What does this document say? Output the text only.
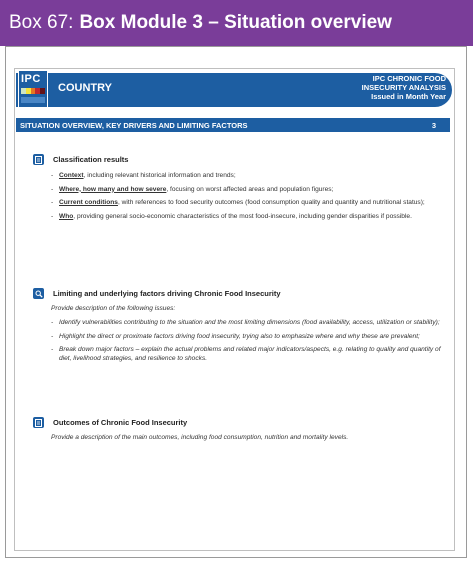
Box 67: Box Module 3 – Situation overview
IPC
COUNTRY
IPC CHRONIC FOOD
INSECURITY ANALYSIS
Issued in Month Year
SITUATION OVERVIEW, KEY DRIVERS AND LIMITING FACTORS	3
Classification results
- Context, including relevant historical information and trends;
- Where, how many and how severe, focusing on worst affected areas and population figures;
- Current conditions, with references to food security outcomes (food consumption quality and quantity and nutritional status);
- Who, providing general socio-economic characteristics of the most food-insecure, including gender disparities if possible.
Limiting and underlying factors driving Chronic Food Insecurity
Provide description of the following issues:
- Identify vulnerabilities contributing to the situation and the most limiting dimensions (food availability, access, utilization or stability);
- Highlight the direct or proximate factors driving food insecurity, trying also to emphasize where and why these are prevalent;
- Break down major factors – explain the actual problems and related major indicators/aspects, e.g. relating to quality and quantity of diet, livelihood strategies, and resilience to shocks.
Outcomes of Chronic Food Insecurity
Provide a description of the main outcomes, including food consumption, nutrition and mortality levels.
